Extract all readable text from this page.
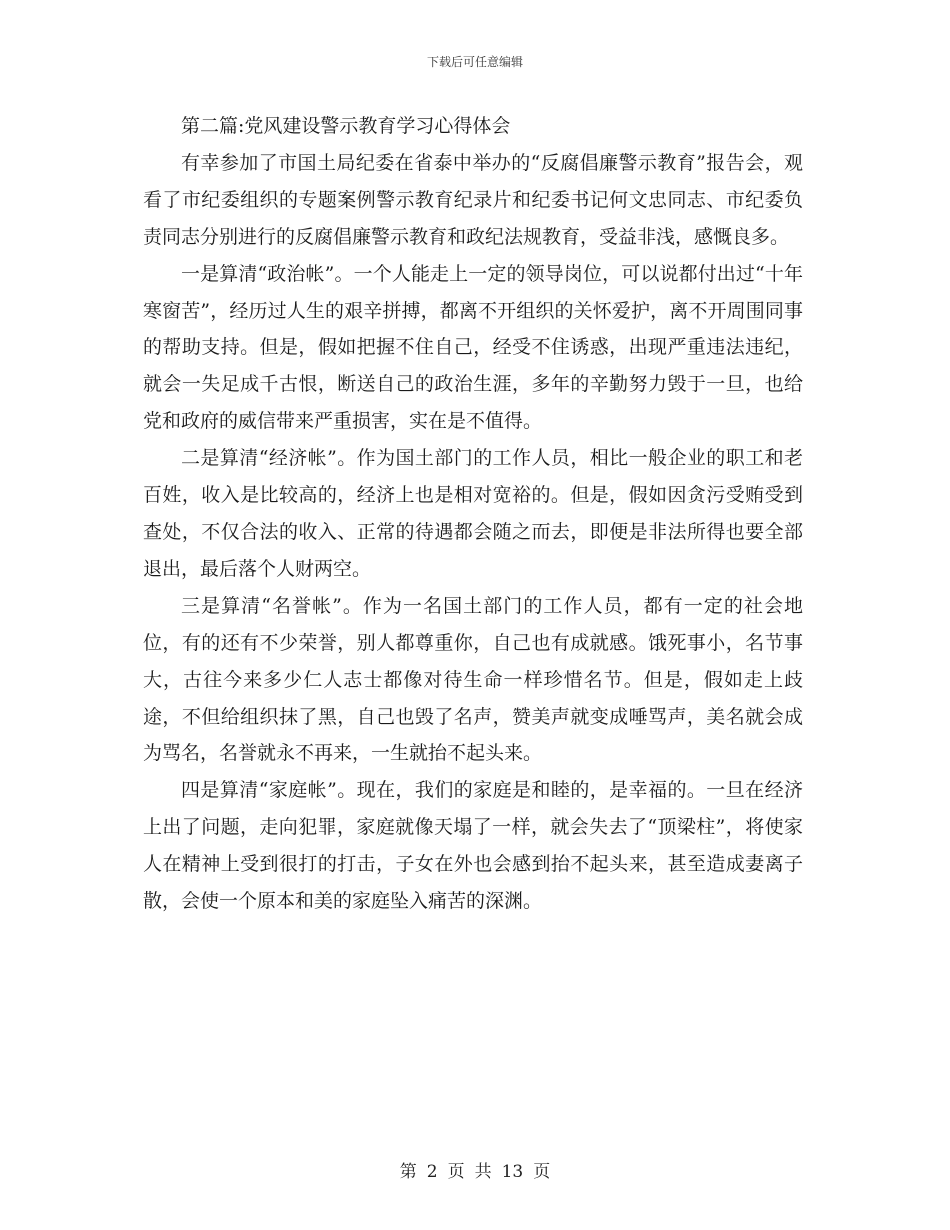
下载后可任意编辑

第二篇:党风建设警示教育学习心得体会

有幸参加了市国土局纪委在省泰中举办的“反腐倡廉警示教育”报告会，观看了市纪委组织的专题案例警示教育纪录片和纪委书记何文忠同志、市纪委负责同志分别进行的反腐倡廉警示教育和政纪法规教育，受益非浅，感慨良多。

一是算清“政治帐”。一个人能走上一定的领导岗位，可以说都付出过“十年寒窗苦”，经历过人生的艰辛拼搏，都离不开组织的关怀爱护，离不开周围同事的帮助支持。但是，假如把握不住自己，经受不住诱惑，出现严重违法违纪，就会一失足成千古恨，断送自己的政治生涯，多年的辛勤努力毁于一旦，也给党和政府的威信带来严重损害，实在是不值得。

二是算清“经济帐”。作为国土部门的工作人员，相比一般企业的职工和老百姓，收入是比较高的，经济上也是相对宽裕的。但是，假如因贪污受贿受到查处，不仅合法的收入、正常的待遇都会随之而去，即便是非法所得也要全部退出，最后落个人财两空。

三是算清“名誉帐”。作为一名国土部门的工作人员，都有一定的社会地位，有的还有不少荣誉，别人都尊重你，自己也有成就感。饿死事小，名节事大，古往今来多少仁人志士都像对待生命一样珍惜名节。但是，假如走上歧途，不但给组织抹了黑，自己也毁了名声，赞美声就变成唾骂声，美名就会成为骂名，名誉就永不再来，一生就抬不起头来。

四是算清“家庭帐”。现在，我们的家庭是和睦的，是幸福的。一旦在经济上出了问题，走向犯罪，家庭就像天塌了一样，就会失去了“顶梁柱”，将使家人在精神上受到很打的打击，子女在外也会感到抬不起头来，甚至造成妻离子散，会使一个原本和美的家庭坠入痛苦的深渊。

第 2 页 共 13 页
